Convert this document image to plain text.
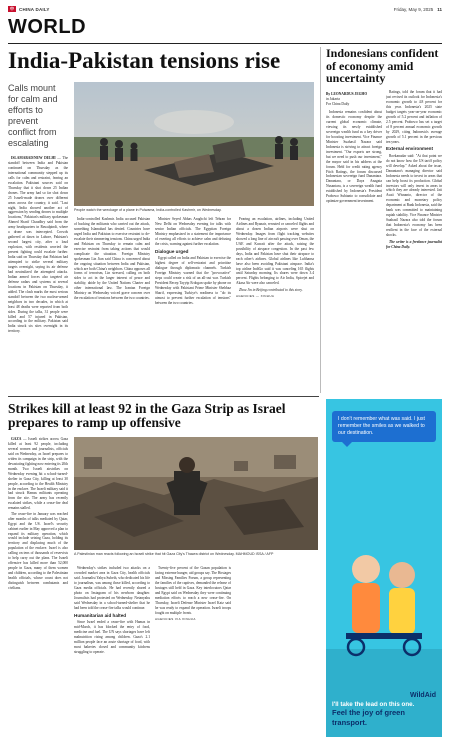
中	CHINA DAILY	Friday, May 9, 2025 11
WORLD
India-Pakistan tensions rise
Calls mount for calm and efforts to prevent conflict from escalating

ISLAMABAD/NEW DELHI — The standoff between India and Pakistan continued on Thursday as the international community stepped up its calls for calm and restraint, fearing an escalation. Pakistani sources said on Thursday that it shot down 25 Indian drones. The army had so far shot down 25 Israeli-made drones over different areas across the country, it said. "Last night, India showed another act of aggression by sending drones to multiple locations," Pakistan's military spokesman Ahmed Sharif Chaudhry said from the army headquarters in Rawalpindi, where a drone was intercepted. Crowds gathered at dawn in Lahore, Pakistan's second largest city, after a loud explosion, with residents worried the present fighting could escalate further. India said on Thursday that Pakistan had attempted to strike several military targets overnight, saying its air defense had neutralized the attempted attacks. Indian armed forces also targeted air defense radars and systems at several locations in Pakistan on Thursday, it added. The clash marks the most serious standoff between the two nuclear-armed neighbors in two decades, in which at least 48 deaths were reported from both sides. During the talks, 31 people were killed and 57 injured in Pakistan, according to the military. Pakistan said India struck six sites overnight in its territory.

People watch the wreckage of a plane in Pulwama, India-controlled Kashmir, on Wednesday.

India-controlled Kashmir. India accused Pakistan of backing the militants who carried out the attack, something Islamabad has denied. Countries have urged India and Pakistan to exercise restraint to de-escalate their simmering tensions. China urged India and Pakistan on Thursday to remain calm and exercise restraint from taking actions that would complicate the situation. Foreign Ministry spokesman Lin Jian said China is concerned about the ongoing situation between India and Pakistan, which are both China's neighbors. China opposes all forms of terrorism, Lin stressed, calling on both sides to act in the larger interest of peace and stability, abide by the United Nations Charter and other international law. The Iranian Foreign Ministry on Wednesday voiced grave concern over the escalation of tensions between the two countries.

Minister Seyed Abbas Araghchi left Tehran for New Delhi on Wednesday evening for talks with senior Indian officials. The Egyptian Foreign Ministry emphasized in a statement the importance of exerting all efforts to achieve calm and defusing the crisis, warning against further escalation.

Dialogue urged

Egypt called on India and Pakistan to exercise the highest degree of self-restraint and prioritize dialogue through diplomatic channels. Turkish Foreign Ministry warned that the "provocative" steps could create a risk of an all-out war. Turkish President Recep Tayyip Erdogan spoke by phone on Wednesday with Pakistani Prime Minister Shehbaz Sharif, expressing Turkiye's readiness to "do its utmost to prevent further escalation of tensions" between the two countries.

Fearing an escalation, airlines, including United Airlines and Ryanair, rerouted or canceled flights and about a dozen Indian airports were shut on Wednesday. Images from flight tracking websites showed a long line of aircraft passing over Oman, the UAE and Kuwait after the attack, raising the possibility of airspace congestion. In the past few days, India and Pakistan have shut their airspace to each other's airlines. Global airlines like Lufthansa have also been avoiding Pakistani airspace. India's top airline IndiGo said it was canceling 165 flights until Saturday morning. Its shares were down 3.4 percent. Flights belonging to Air India, Spicejet and Akasa Air were also canceled.

Zhou Jin in Beijing contributed to this story.

AGENCIES — XINHUA
Indonesians confident of economy amid uncertainty
By LEONARDUS JEGHO
in Jakarta
For China Daily

Indonesia remains confident about its domestic economy despite the current global economic climate, viewing its newly established sovereign wealth fund as a key driver for boosting investment. Vice Finance Minister Suahasil Nazara said Indonesia is striving to attract foreign investment. "Our exports are strong, but we need to push our investment," the mayor said in his address at the forum. Held for credit rating agency Fitch Ratings, the forum discussed Indonesian sovereign fund Danantara. Danantara, or Daya Anagata Nusantara, is a sovereign wealth fund established by Indonesia's President Prabowo Subianto to consolidate and optimize government investment.

Ratings, told the forum that it had just revised its outlook for Indonesia's economic growth to 4.8 percent for this year. Indonesia's 2025 state budget targets year-on-year economic growth of 5.2 percent and inflation of 2.5 percent. Prabowo has set a target of 8 percent annual economic growth by 2029, citing Indonesia's average growth of 5.1 percent in the previous ten years.

External environment

Roekanadar said: "At that point we do not know how the US tariff policy will develop." Asked about the issue, Danantara's managing director said Indonesia needs to invest in areas that can help boost its production. Global investors will only invest in areas in which they are already interested. Jati Asati Wisnanto, director of the economic and monetary policy department at Bank Indonesia, said the bank was committed to maintaining rupiah stability. Vice Finance Minister Suahasil Nazara also told the forum that Indonesia's economy has been resilient in the face of the external shocks.

The writer is a freelance journalist for China Daily.

Strikes kill at least 92 in the Gaza Strip as Israel prepares to ramp up offensive

GAZA — Israeli strikes across Gaza killed at least 92 people, including several women and journalists, officials said on Wednesday, as Israel prepares to widen its campaign in the strip, with the devastating fighting now entering its 20th month. Two Israeli airstrikes on Wednesday evening hit a school-turned-shelter in Gaza City, killing at least 30 people, according to the Health Ministry in the enclave. The Israeli military said it had struck Hamas militants operating from the site. The army has recently escalated strikes, while a cease-fire deal remains stalled.

The cease-fire in January was reached after months of talks mediated by Qatar, Egypt and the US. Israel's security cabinet earlier in May approved a plan to expand its military operation, which would include seizing Gaza, holding its territory and displacing much of the population of the enclave. Israel is also calling on tens of thousands of reservists to help carry out the plans. The Israeli offensive has killed more than 52,000 people in Gaza, many of them women and children, according to the Palestinian health officials, whose count does not distinguish between combatants and civilians.

A Palestinian man reacts following an Israeli strike that hit Gaza City's Thawra district on Wednesday. MAHMOUD ISSA / AFP

Wednesday's strikes included two attacks on a crowded market area in Gaza City, health officials said. Journalist Yahya Subeih, who dedicated his life to journalism, was among those killed, according to Gaza media officials. He had recently shared a photo on Instagram of his newborn daughter. Journalists had protested on Wednesday. Netanyahu said Wednesday in a school-turned-shelter that he had been told the cease-fire talks would continue.

Humanitarian aid halted

Since Israel ended a cease-fire with Hamas in mid-March, it has blocked the entry of food, medicine and fuel. The UN says shortages have left malnutrition rising among children. Gaza's 2.1 million people face an acute shortage of food, with most bakeries closed and community kitchens struggling to operate.

Twenty-five percent of the Gazan population is facing extreme hunger, aid groups say. The Hostages and Missing Families Forum, a group representing the families of the captives, demanded the release of hostages still held in Gaza. Key interlocutors Qatar and Egypt said on Wednesday they were continuing mediation efforts to reach a new cease-fire. On Thursday, Israeli Defense Minister Israel Katz said he was ready to expand the operation. Israeli troops fought on multiple fronts.

AGENCIES VIA XINHUA
I don't remember what was said. I just remember the smiles as we walked to our destination.
WildAid
I'll take the lead on this one.
Feel the joy of green transport.
